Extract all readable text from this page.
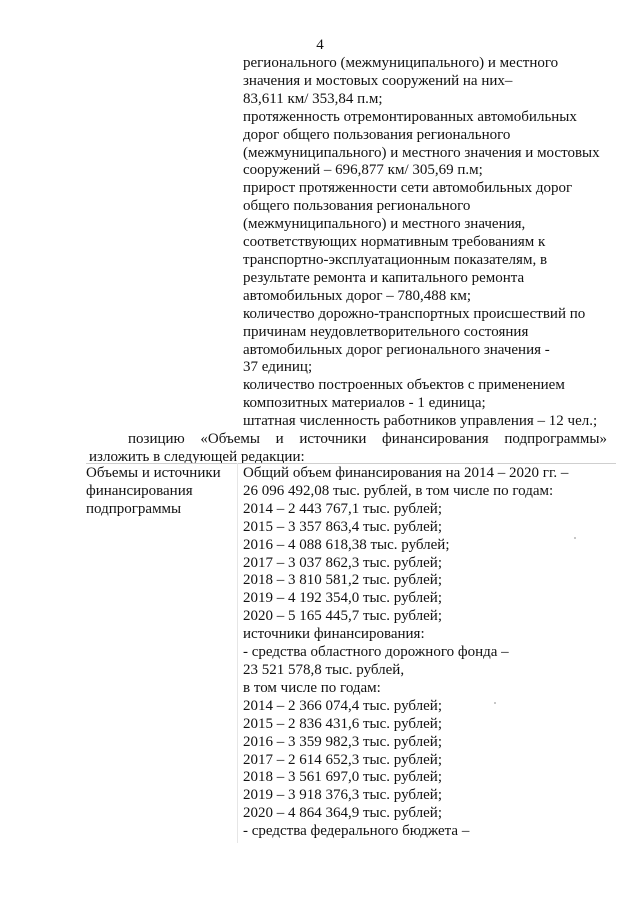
4
регионального (межмуниципального) и местного
значения и мостовых сооружений на них–
83,611 км/ 353,84 п.м;
протяженность отремонтированных автомобильных
дорог общего пользования регионального
(межмуниципального) и местного значения и мостовых
сооружений – 696,877 км/ 305,69 п.м;
прирост протяженности сети автомобильных дорог
общего пользования регионального
(межмуниципального) и местного значения,
соответствующих нормативным требованиям к
транспортно-эксплуатационным показателям, в
результате ремонта и капитального ремонта
автомобильных дорог – 780,488 км;
количество дорожно-транспортных происшествий по
причинам неудовлетворительного состояния
автомобильных дорог регионального значения -
37 единиц;
количество построенных объектов с применением
композитных материалов - 1 единица;
штатная численность работников управления – 12 чел.;
позицию «Объемы и источники финансирования подпрограммы»
изложить в следующей редакции:
Объемы и источники
финансирования
подпрограммы
Общий объем финансирования на 2014 – 2020 гг. –
26 096 492,08 тыс. рублей, в том числе по годам:
2014 – 2 443 767,1 тыс. рублей;
2015 – 3 357 863,4 тыс. рублей;
2016 – 4 088 618,38 тыс. рублей;
2017 – 3 037 862,3 тыс. рублей;
2018 – 3 810 581,2 тыс. рублей;
2019 – 4 192 354,0 тыс. рублей;
2020 – 5 165 445,7 тыс. рублей;
источники финансирования:
- средства областного дорожного фонда –
23 521 578,8 тыс. рублей,
в том числе по годам:
2014 – 2 366 074,4 тыс. рублей;
2015 – 2 836 431,6 тыс. рублей;
2016 – 3 359 982,3 тыс. рублей;
2017 – 2 614 652,3 тыс. рублей;
2018 – 3 561 697,0 тыс. рублей;
2019 – 3 918 376,3 тыс. рублей;
2020 – 4 864 364,9 тыс. рублей;
- средства федерального бюджета –
